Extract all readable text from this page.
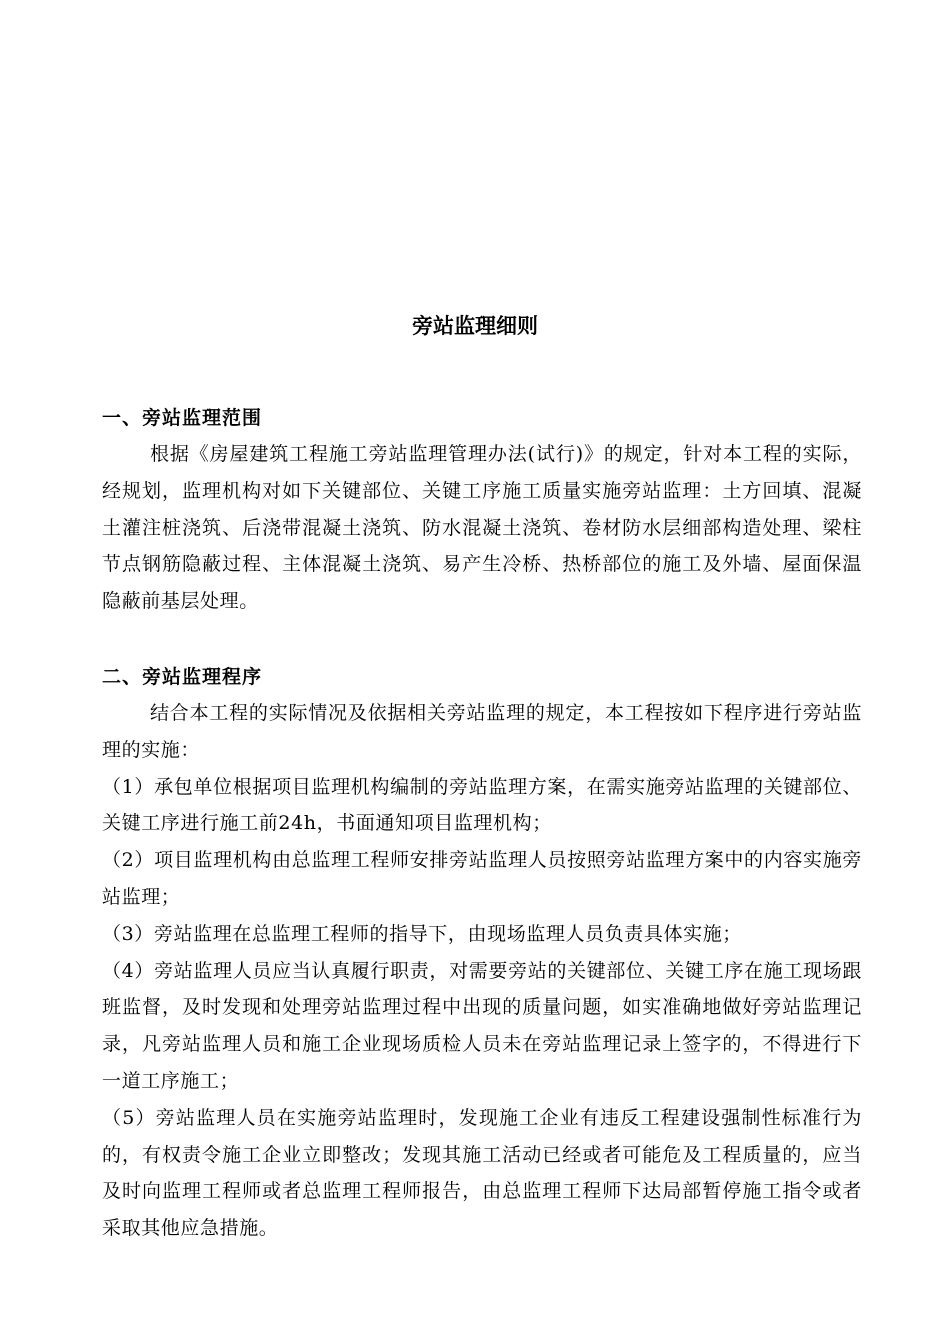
旁站监理细则
一、旁站监理范围

根据《房屋建筑工程施工旁站监理管理办法(试行)》的规定，针对本工程的实际，经规划，监理机构对如下关键部位、关键工序施工质量实施旁站监理：土方回填、混凝土灌注桩浇筑、后浇带混凝土浇筑、防水混凝土浇筑、卷材防水层细部构造处理、梁柱节点钢筋隐蔽过程、主体混凝土浇筑、易产生冷桥、热桥部位的施工及外墙、屋面保温隐蔽前基层处理。

二、旁站监理程序

结合本工程的实际情况及依据相关旁站监理的规定，本工程按如下程序进行旁站监理的实施：

（1）承包单位根据项目监理机构编制的旁站监理方案，在需实施旁站监理的关键部位、关键工序进行施工前24h，书面通知项目监理机构；

（2）项目监理机构由总监理工程师安排旁站监理人员按照旁站监理方案中的内容实施旁站监理；

（3）旁站监理在总监理工程师的指导下，由现场监理人员负责具体实施；

（4）旁站监理人员应当认真履行职责，对需要旁站的关键部位、关键工序在施工现场跟班监督，及时发现和处理旁站监理过程中出现的质量问题，如实准确地做好旁站监理记录，凡旁站监理人员和施工企业现场质检人员未在旁站监理记录上签字的，不得进行下一道工序施工；

（5）旁站监理人员在实施旁站监理时，发现施工企业有违反工程建设强制性标准行为的，有权责令施工企业立即整改；发现其施工活动已经或者可能危及工程质量的，应当及时向监理工程师或者总监理工程师报告，由总监理工程师下达局部暂停施工指令或者采取其他应急措施。
